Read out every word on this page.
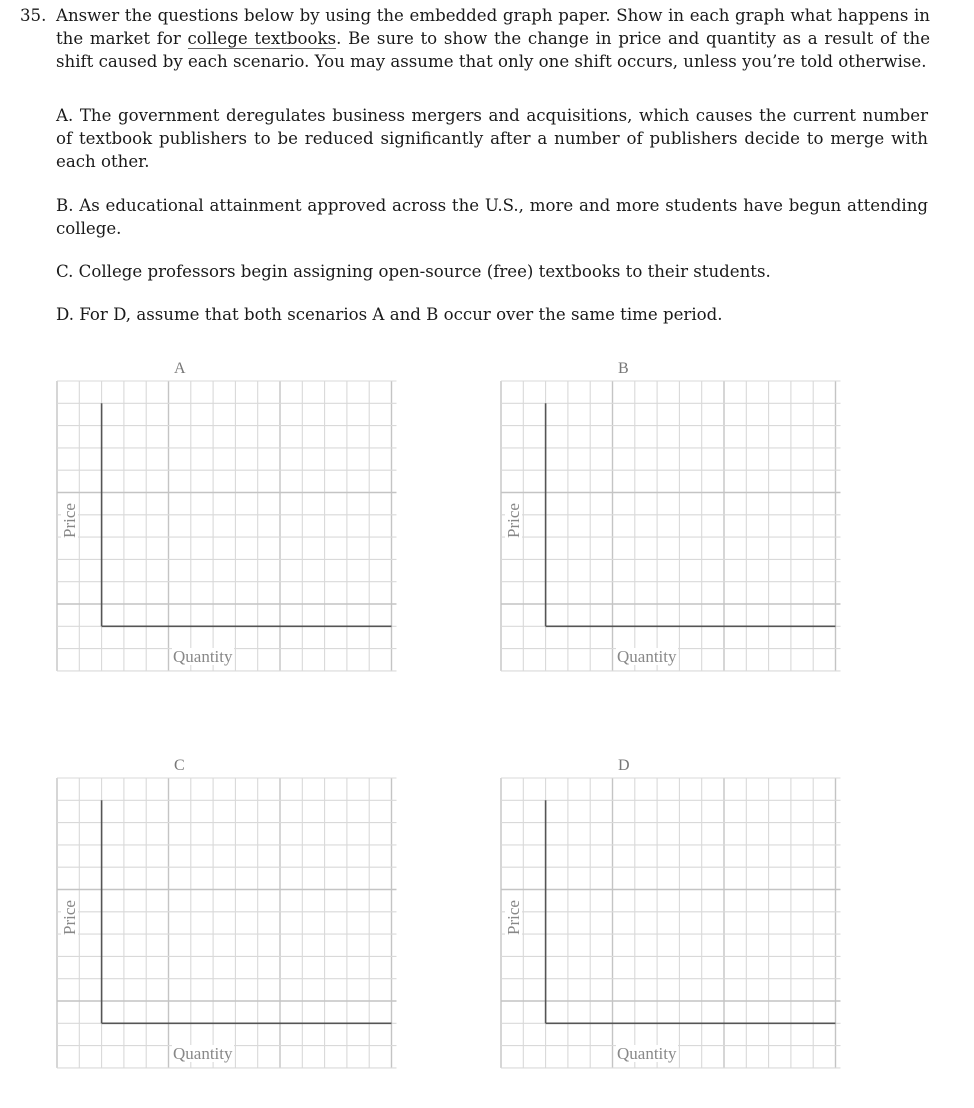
35. Answer the questions below by using the embedded graph paper. Show in each graph what happens in the market for college textbooks. Be sure to show the change in price and quantity as a result of the shift caused by each scenario. You may assume that only one shift occurs, unless you’re told otherwise.
A. The government deregulates business mergers and acquisitions, which causes the current number of textbook publishers to be reduced significantly after a number of publishers decide to merge with each other.
B. As educational attainment approved across the U.S., more and more students have begun attending college.
C. College professors begin assigning open-source (free) textbooks to their students.
D. For D, assume that both scenarios A and B occur over the same time period.
A
Quantity
Price
B
Quantity
Price
C
Quantity
Price
D
Quantity
Price
